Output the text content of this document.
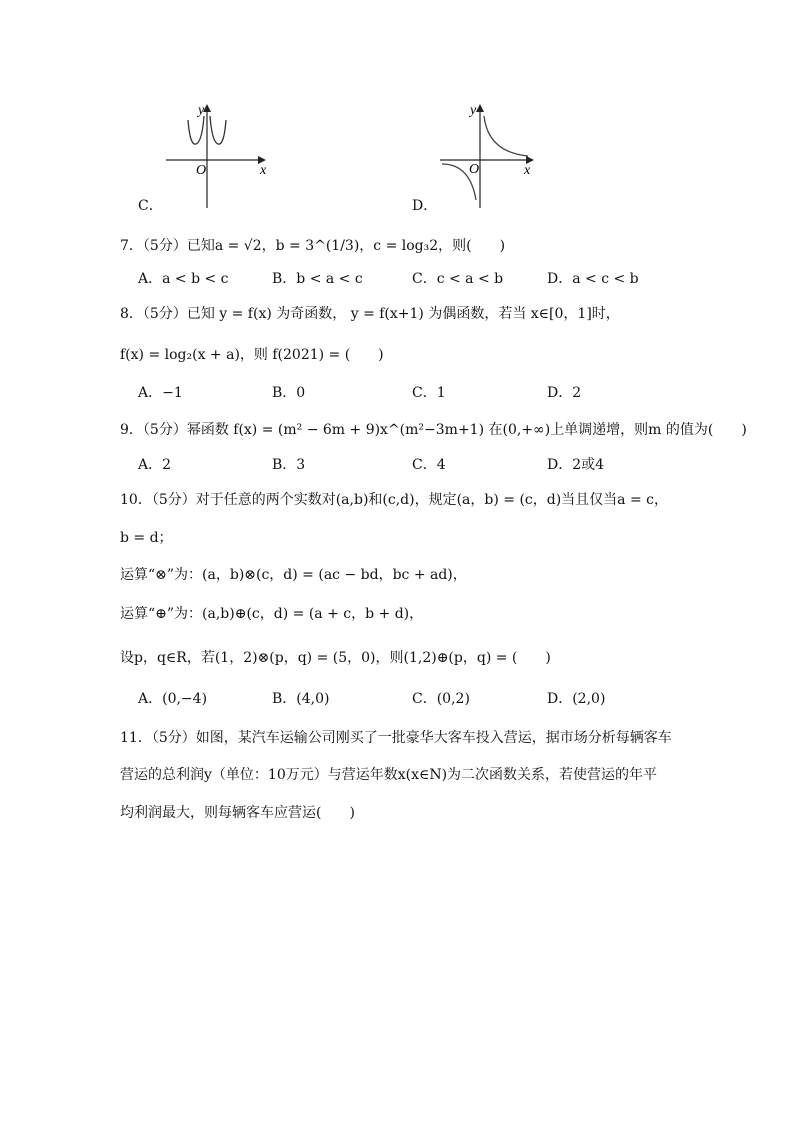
x
y
O
C．
x
y
O
D．
7．（5分）已知a = √2，b = 3^(1/3)，c = log₃2，则(　　)
A．a < b < c	B．b < a < c	C．c < a < b	D．a < c < b
8．（5分）已知 y = f(x) 为奇函数， y = f(x+1) 为偶函数，若当 x∈[0，1]时，
f(x) = log₂(x + a)，则 f(2021) = (　　)
A．−1	B．0	C．1	D．2
9．（5分）幂函数 f(x) = (m² − 6m + 9)x^(m²−3m+1) 在(0,+∞)上单调递增，则m 的值为(　　)
A．2	B．3	C．4	D．2或4
10．（5分）对于任意的两个实数对(a,b)和(c,d)，规定(a，b) = (c，d)当且仅当a = c，
b = d；
运算“⊗”为：(a，b)⊗(c，d) = (ac − bd，bc + ad)，
运算“⊕”为：(a,b)⊕(c，d) = (a + c，b + d)，
设p，q∈R，若(1，2)⊗(p，q) = (5，0)，则(1,2)⊕(p，q) = (　　)
A．(0,−4)	B．(4,0)	C．(0,2)	D．(2,0)
11．（5分）如图，某汽车运输公司刚买了一批豪华大客车投入营运，据市场分析每辆客车
营运的总利润y（单位：10万元）与营运年数x(x∈N)为二次函数关系，若使营运的年平
均利润最大，则每辆客车应营运(　　)
